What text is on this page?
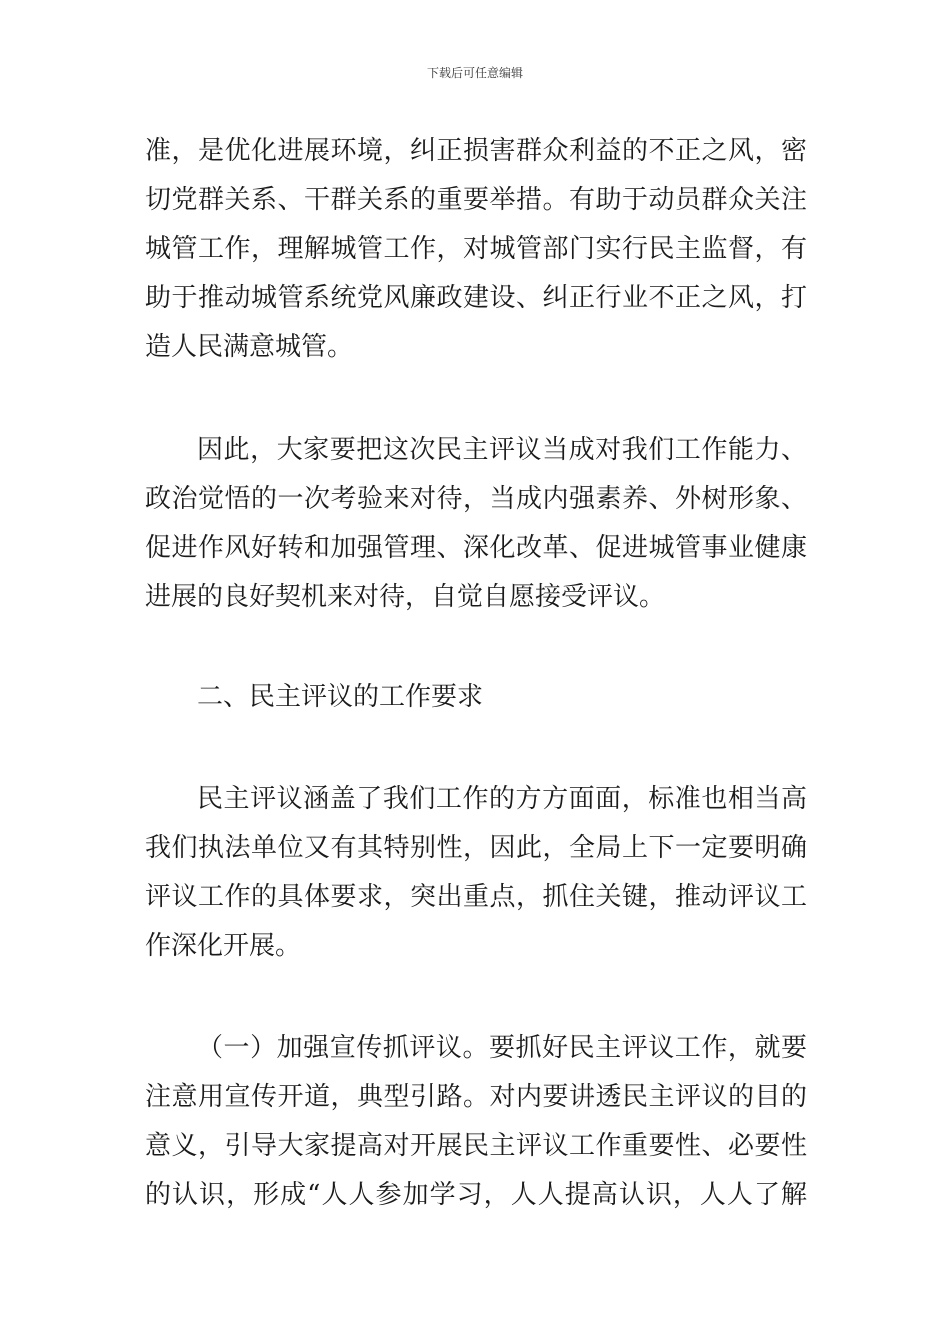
下载后可任意编辑
准，是优化进展环境，纠正损害群众利益的不正之风，密
切党群关系、干群关系的重要举措。有助于动员群众关注
城管工作，理解城管工作，对城管部门实行民主监督，有
助于推动城管系统党风廉政建设、纠正行业不正之风，打
造人民满意城管。
因此，大家要把这次民主评议当成对我们工作能力、
政治觉悟的一次考验来对待，当成内强素养、外树形象、
促进作风好转和加强管理、深化改革、促进城管事业健康
进展的良好契机来对待，自觉自愿接受评议。
二、民主评议的工作要求
民主评议涵盖了我们工作的方方面面，标准也相当高
我们执法单位又有其特别性，因此，全局上下一定要明确
评议工作的具体要求，突出重点，抓住关键，推动评议工
作深化开展。
（一）加强宣传抓评议。要抓好民主评议工作，就要
注意用宣传开道，典型引路。对内要讲透民主评议的目的
意义，引导大家提高对开展民主评议工作重要性、必要性
的认识，形成“人人参加学习，人人提高认识，人人了解
